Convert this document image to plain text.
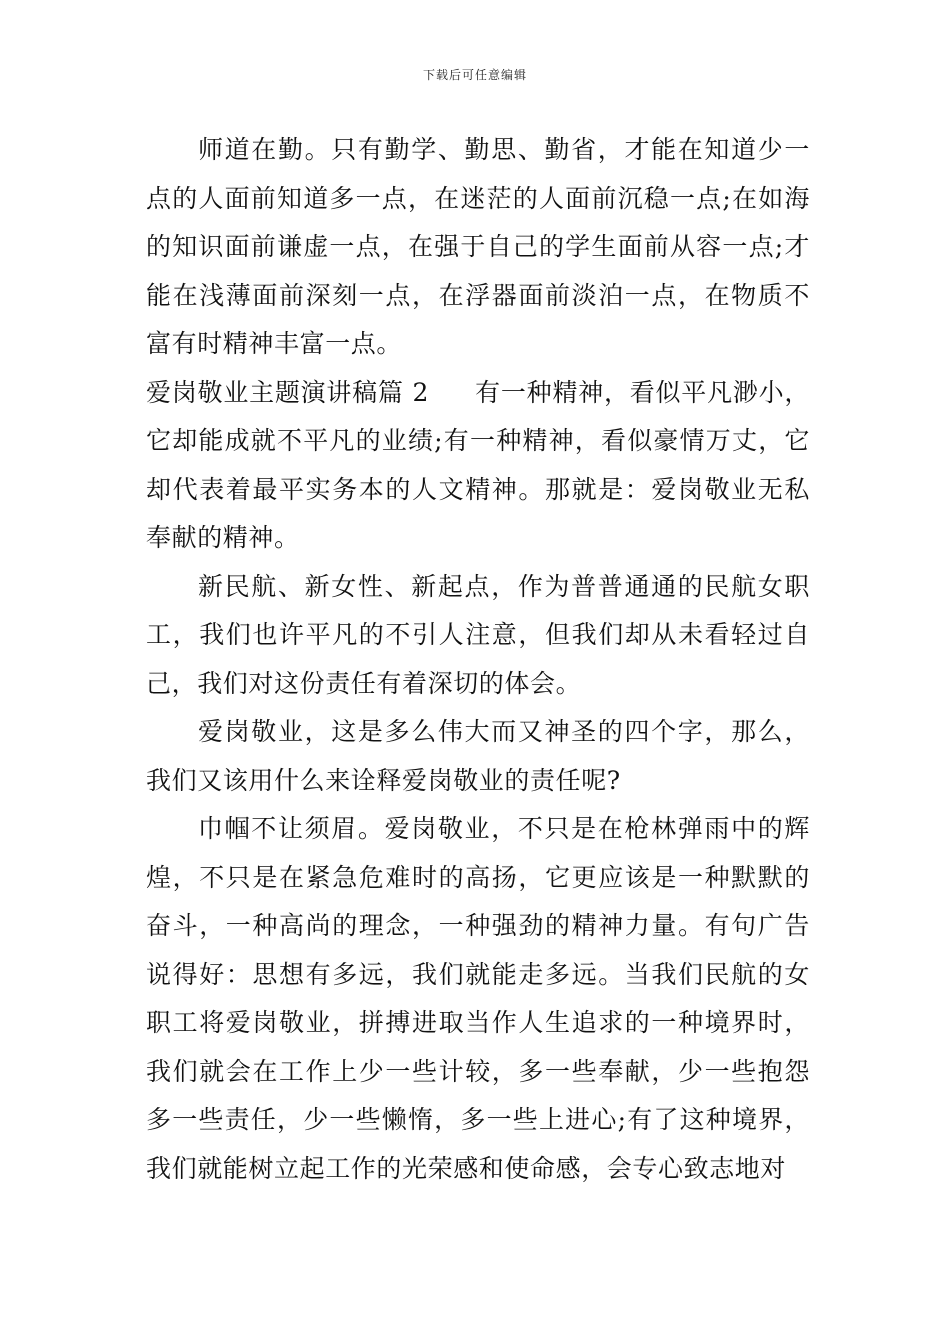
下载后可任意编辑

师道在勤。只有勤学、勤思、勤省，才能在知道少一点的人面前知道多一点，在迷茫的人面前沉稳一点;在如海的知识面前谦虚一点，在强于自己的学生面前从容一点;才能在浅薄面前深刻一点，在浮器面前淡泊一点，在物质不富有时精神丰富一点。

爱岗敬业主题演讲稿篇 2 有一种精神，看似平凡渺小，它却能成就不平凡的业绩;有一种精神，看似豪情万丈，它却代表着最平实务本的人文精神。那就是：爱岗敬业无私奉献的精神。

新民航、新女性、新起点，作为普普通通的民航女职工，我们也许平凡的不引人注意，但我们却从未看轻过自己，我们对这份责任有着深切的体会。

爱岗敬业，这是多么伟大而又神圣的四个字，那么，我们又该用什么来诠释爱岗敬业的责任呢?

巾帼不让须眉。爱岗敬业，不只是在枪林弹雨中的辉煌，不只是在紧急危难时的高扬，它更应该是一种默默的奋斗，一种高尚的理念，一种强劲的精神力量。有句广告说得好：思想有多远，我们就能走多远。当我们民航的女职工将爱岗敬业，拼搏进取当作人生追求的一种境界时，我们就会在工作上少一些计较，多一些奉献，少一些抱怨多一些责任，少一些懒惰，多一些上进心;有了这种境界，我们就能树立起工作的光荣感和使命感，会专心致志地对
